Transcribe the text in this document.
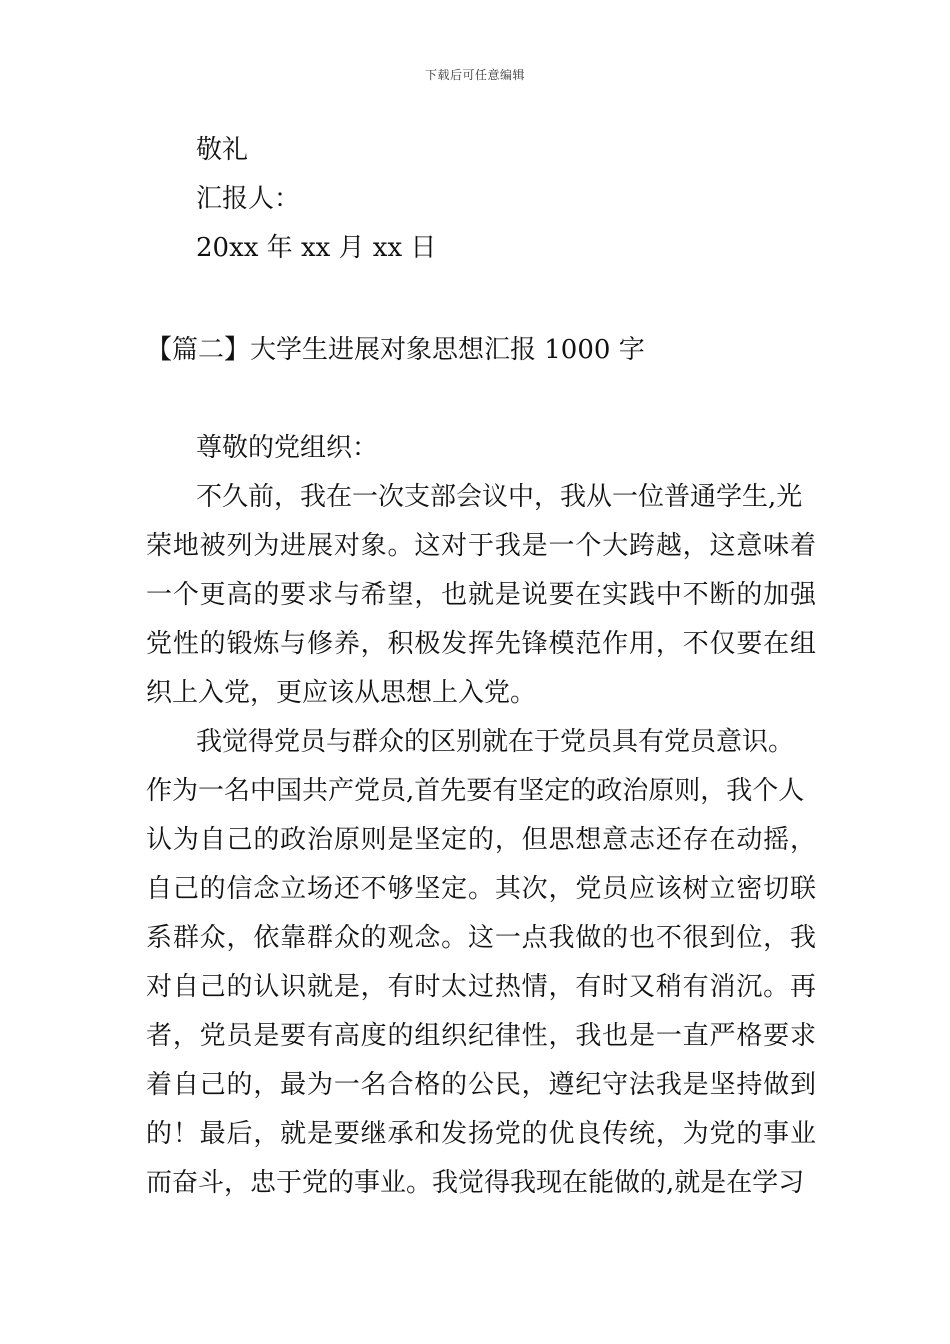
下载后可任意编辑
敬礼
汇报人：
20xx 年 xx 月 xx 日
【篇二】大学生进展对象思想汇报 1000 字
尊敬的党组织：
不久前，我在一次支部会议中，我从一位普通学生,光
荣地被列为进展对象。这对于我是一个大跨越，这意味着
一个更高的要求与希望，也就是说要在实践中不断的加强
党性的锻炼与修养，积极发挥先锋模范作用，不仅要在组
织上入党，更应该从思想上入党。
我觉得党员与群众的区别就在于党员具有党员意识。
作为一名中国共产党员,首先要有坚定的政治原则，我个人
认为自己的政治原则是坚定的，但思想意志还存在动摇，
自己的信念立场还不够坚定。其次，党员应该树立密切联
系群众，依靠群众的观念。这一点我做的也不很到位，我
对自己的认识就是，有时太过热情，有时又稍有消沉。再
者，党员是要有高度的组织纪律性，我也是一直严格要求
着自己的，最为一名合格的公民，遵纪守法我是坚持做到
的！最后，就是要继承和发扬党的优良传统，为党的事业
而奋斗，忠于党的事业。我觉得我现在能做的,就是在学习
